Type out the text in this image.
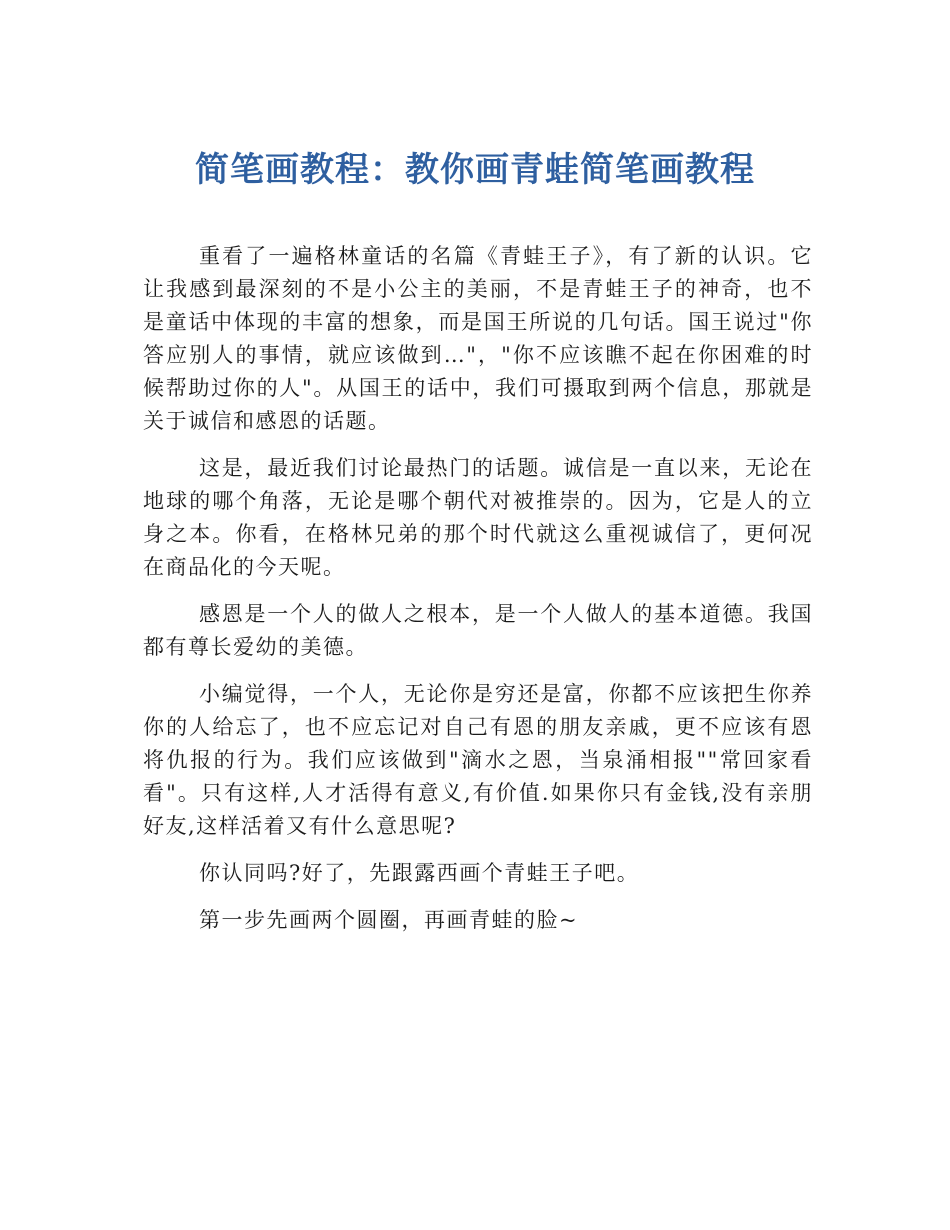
简笔画教程：教你画青蛙简笔画教程

重看了一遍格林童话的名篇《青蛙王子》，有了新的认识。它让我感到最深刻的不是小公主的美丽，不是青蛙王子的神奇，也不是童话中体现的丰富的想象，而是国王所说的几句话。国王说过"你答应别人的事情，就应该做到…"，"你不应该瞧不起在你困难的时候帮助过你的人"。从国王的话中，我们可摄取到两个信息，那就是关于诚信和感恩的话题。

这是，最近我们讨论最热门的话题。诚信是一直以来，无论在地球的哪个角落，无论是哪个朝代对被推崇的。因为，它是人的立身之本。你看，在格林兄弟的那个时代就这么重视诚信了，更何况在商品化的今天呢。

感恩是一个人的做人之根本，是一个人做人的基本道德。我国都有尊长爱幼的美德。

小编觉得，一个人，无论你是穷还是富，你都不应该把生你养你的人给忘了，也不应忘记对自己有恩的朋友亲戚，更不应该有恩将仇报的行为。我们应该做到"滴水之恩，当泉涌相报""常回家看看"。只有这样,人才活得有意义,有价值.如果你只有金钱,没有亲朋好友,这样活着又有什么意思呢?

你认同吗?好了，先跟露西画个青蛙王子吧。

第一步先画两个圆圈，再画青蛙的脸~
